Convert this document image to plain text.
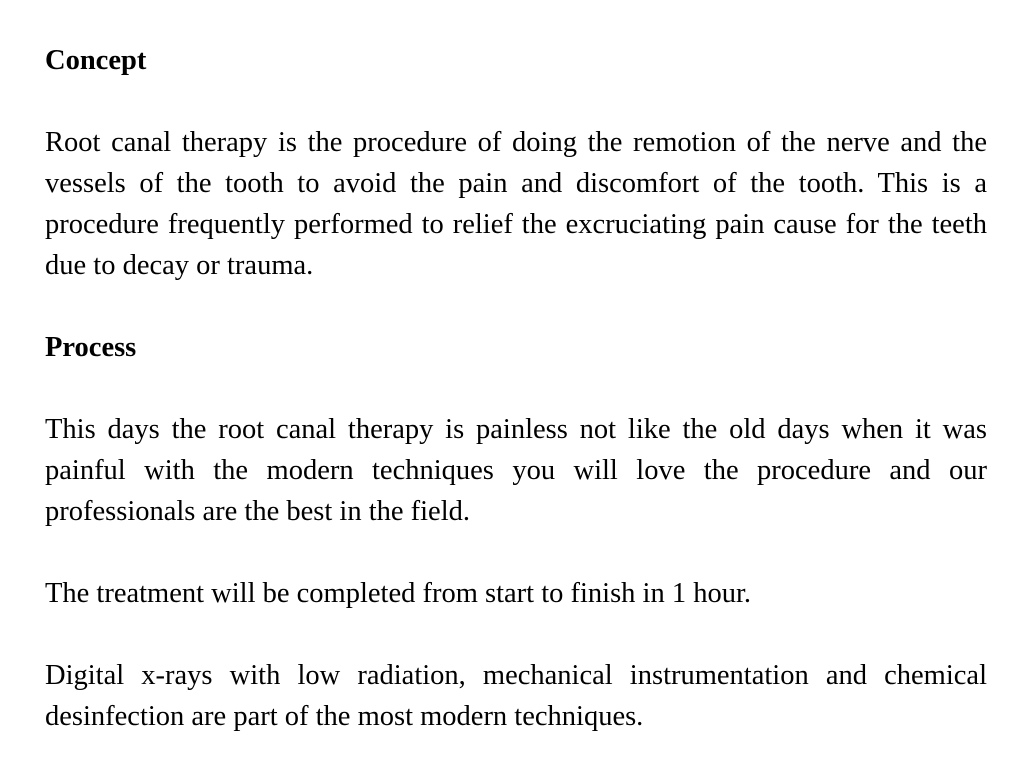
Concept

Root canal therapy is the procedure of doing the remotion of the nerve and the vessels of the tooth to avoid the pain and discomfort of the tooth. This is a procedure frequently performed to relief the excruciating pain cause for the teeth due to decay or trauma.

Process

This days the root canal therapy is painless not like the old days when it was painful with the modern techniques you will love the procedure and our professionals are the best in the field.

The treatment will be completed from start to finish in 1 hour.

Digital x-rays with low radiation, mechanical instrumentation and chemical desinfection are part of the most modern techniques.
